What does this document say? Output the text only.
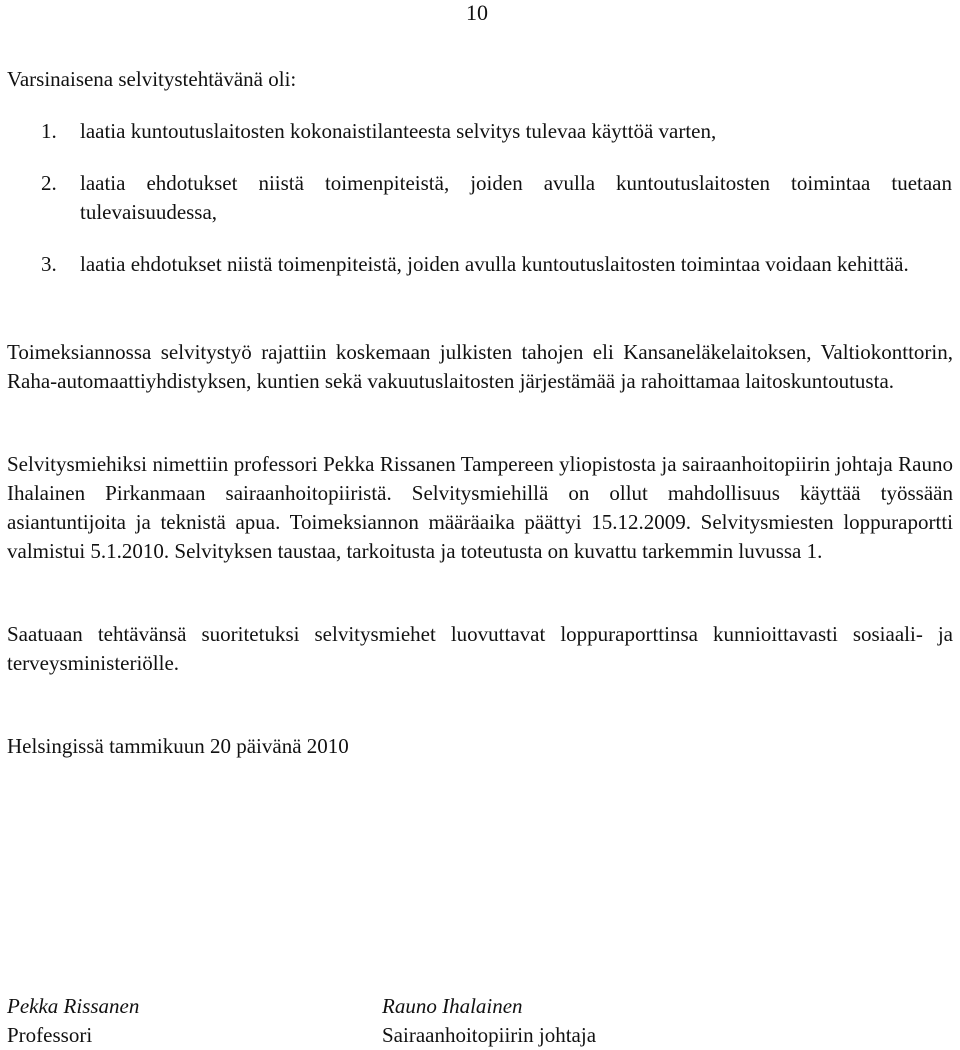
10

Varsinaisena selvitystehtävänä oli:

1. laatia kuntoutuslaitosten kokonaistilanteesta selvitys tulevaa käyttöä varten,
2. laatia ehdotukset niistä toimenpiteistä, joiden avulla kuntoutuslaitosten toimintaa tuetaan tulevaisuudessa,
3. laatia ehdotukset niistä toimenpiteistä, joiden avulla kuntoutuslaitosten toimintaa voidaan kehittää.

Toimeksiannossa selvitystyö rajattiin koskemaan julkisten tahojen eli Kansaneläkelaitoksen, Valtiokonttorin, Raha-automaattiyhdistyksen, kuntien sekä vakuutuslaitosten järjestämää ja rahoittamaa laitoskuntoutusta.

Selvitysmiehiksi nimettiin professori Pekka Rissanen Tampereen yliopistosta ja sairaanhoitopiirin johtaja Rauno Ihalainen Pirkanmaan sairaanhoitopiiristä. Selvitysmiehillä on ollut mahdollisuus käyttää työssään asiantuntijoita ja teknistä apua. Toimeksiannon määräaika päättyi 15.12.2009. Selvitysmiesten loppuraportti valmistui 5.1.2010. Selvityksen taustaa, tarkoitusta ja toteutusta on kuvattu tarkemmin luvussa 1.

Saatuaan tehtävänsä suoritetuksi selvitysmiehet luovuttavat loppuraporttinsa kunnioittavasti sosiaali- ja terveysministeriölle.

Helsingissä tammikuun 20 päivänä 2010

Pekka Rissanen
Professori
Rauno Ihalainen
Sairaanhoitopiirin johtaja
